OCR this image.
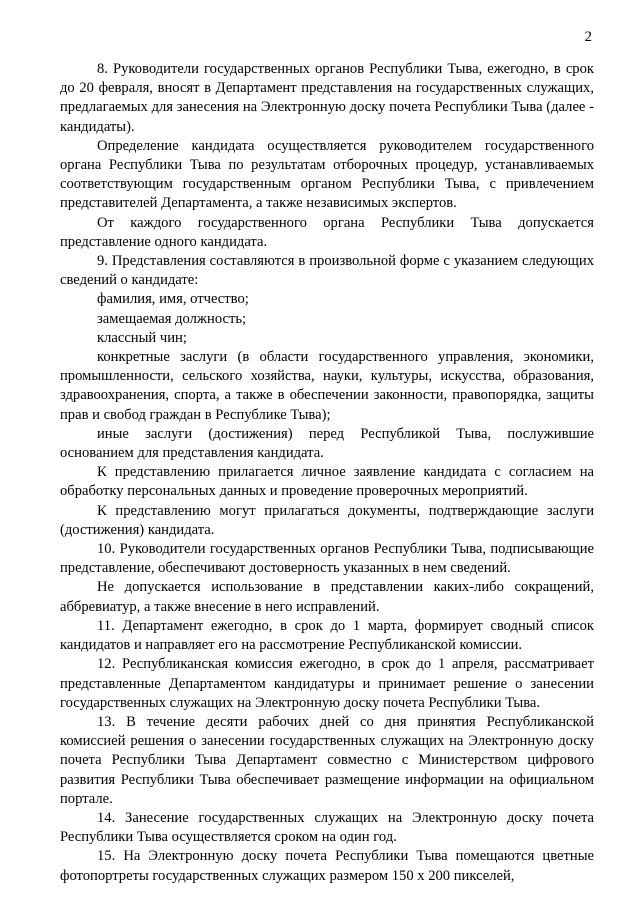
2

8. Руководители государственных органов Республики Тыва, ежегодно, в срок до 20 февраля, вносят в Департамент представления на государственных служащих, предлагаемых для занесения на Электронную доску почета Республики Тыва (далее - кандидаты).

Определение кандидата осуществляется руководителем государственного органа Республики Тыва по результатам отборочных процедур, устанавливаемых соответствующим государственным органом Республики Тыва, с привлечением представителей Департамента, а также независимых экспертов.

От каждого государственного органа Республики Тыва допускается представление одного кандидата.

9. Представления составляются в произвольной форме с указанием следующих сведений о кандидате:

фамилия, имя, отчество;

замещаемая должность;

классный чин;

конкретные заслуги (в области государственного управления, экономики, промышленности, сельского хозяйства, науки, культуры, искусства, образования, здравоохранения, спорта, а также в обеспечении законности, правопорядка, защиты прав и свобод граждан в Республике Тыва);

иные заслуги (достижения) перед Республикой Тыва, послужившие основанием для представления кандидата.

К представлению прилагается личное заявление кандидата с согласием на обработку персональных данных и проведение проверочных мероприятий.

К представлению могут прилагаться документы, подтверждающие заслуги (достижения) кандидата.

10. Руководители государственных органов Республики Тыва, подписывающие представление, обеспечивают достоверность указанных в нем сведений.

Не допускается использование в представлении каких-либо сокращений, аббревиатур, а также внесение в него исправлений.

11. Департамент ежегодно, в срок до 1 марта, формирует сводный список кандидатов и направляет его на рассмотрение Республиканской комиссии.

12. Республиканская комиссия ежегодно, в срок до 1 апреля, рассматривает представленные Департаментом кандидатуры и принимает решение о занесении государственных служащих на Электронную доску почета Республики Тыва.

13. В течение десяти рабочих дней со дня принятия Республиканской комиссией решения о занесении государственных служащих на Электронную доску почета Республики Тыва Департамент совместно с Министерством цифрового развития Республики Тыва обеспечивает размещение информации на официальном портале.

14. Занесение государственных служащих на Электронную доску почета Республики Тыва осуществляется сроком на один год.

15. На Электронную доску почета Республики Тыва помещаются цветные фотопортреты государственных служащих размером 150 х 200 пикселей,
